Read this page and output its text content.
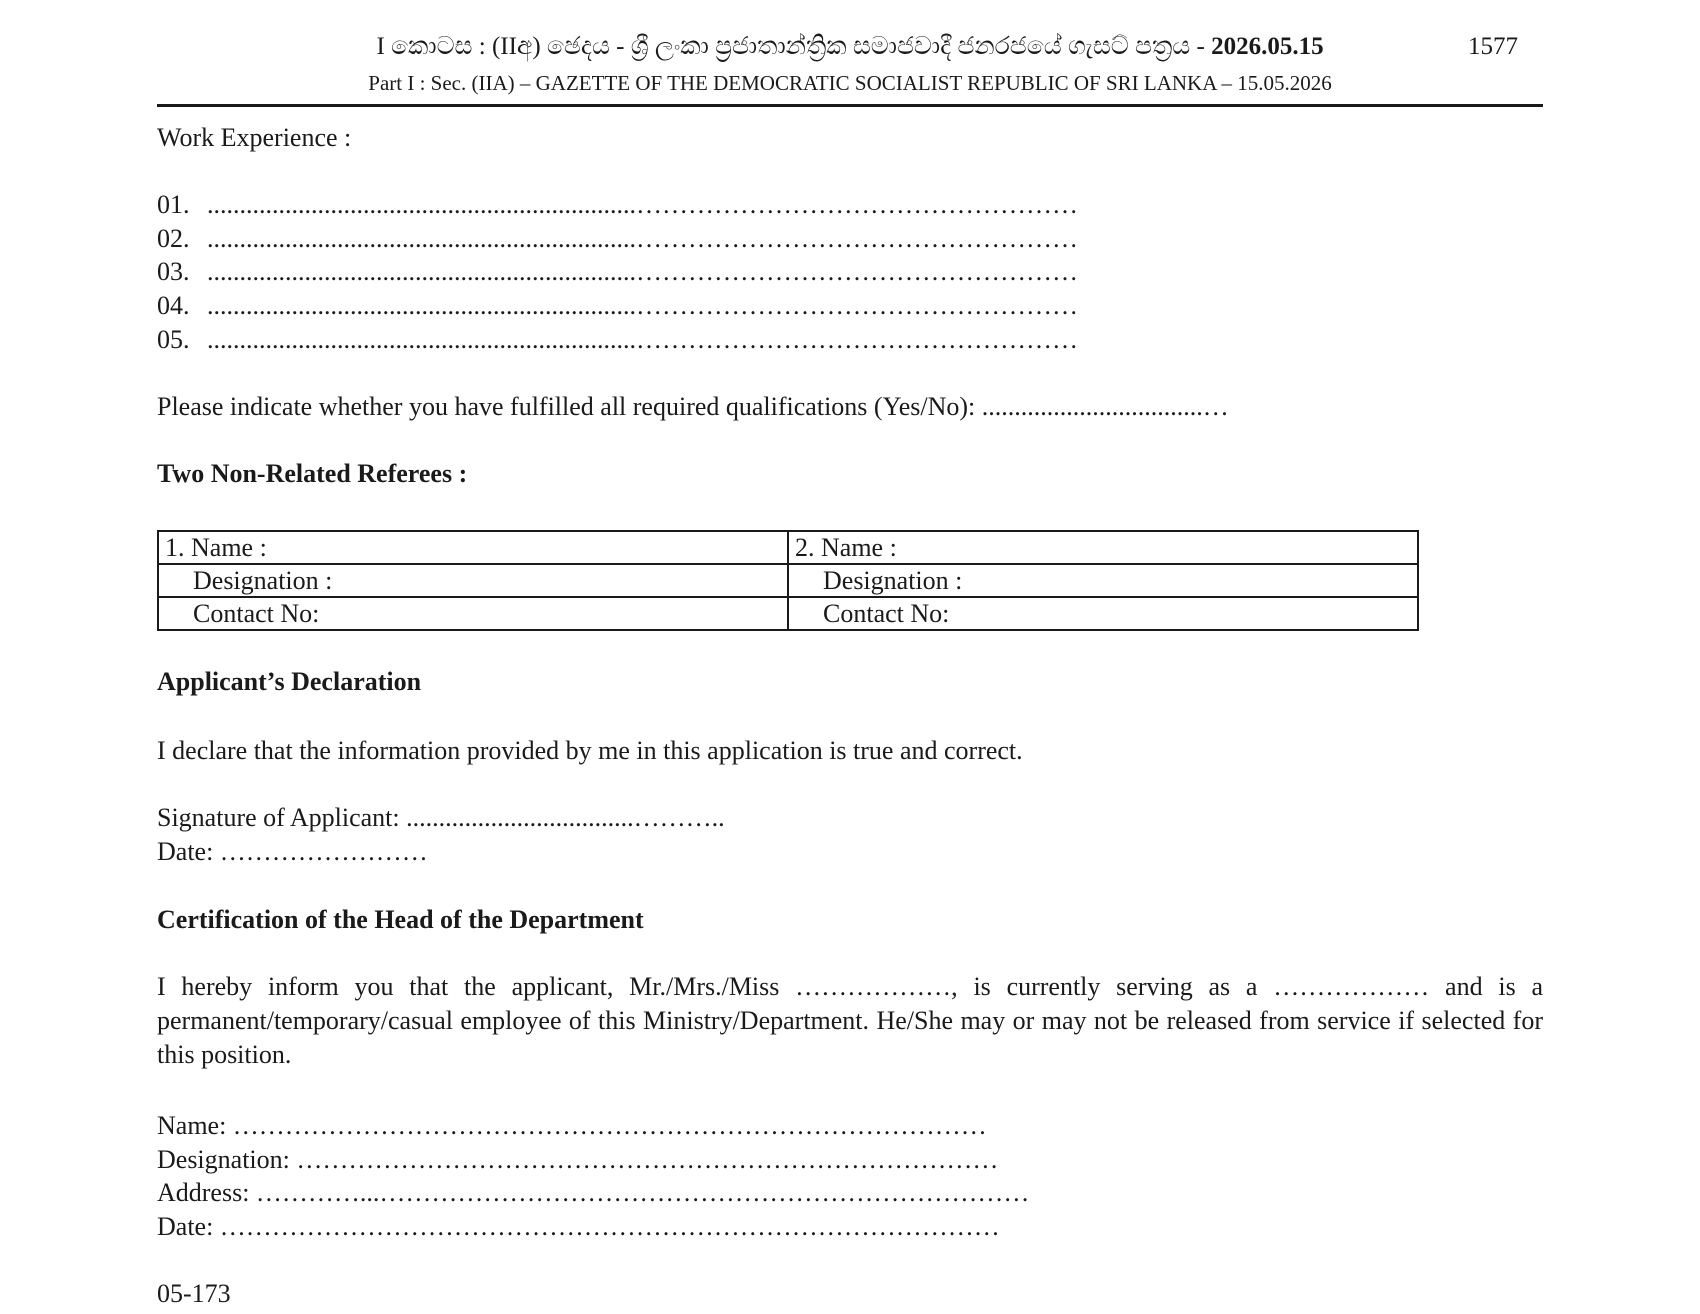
I කොටස : (IIඅ) ඡෙදය - ශ්‍රී ලංකා ප්‍රජාතාන්ත්‍රික සමාජවාදී ජනරජයේ ගැසට් පත්‍රය - 2026.05.15	1577
Part I : Sec. (IIA) – GAZETTE OF THE DEMOCRATIC SOCIALIST REPUBLIC OF SRI LANKA – 15.05.2026
Work Experience :
01. ..................................................................……………………………………………
02. ..................................................................……………………………………………
03. ..................................................................……………………………………………
04. ..................................................................……………………………………………
05. ..................................................................……………………………………………
Please indicate whether you have fulfilled all required qualifications (Yes/No): ..................................…
Two Non-Related Referees :
1. Name :	2. Name :
Designation :	Designation :
Contact No:	Contact No:
Applicant’s Declaration
I declare that the information provided by me in this application is true and correct.
Signature of Applicant: ...................................………..
Date: ……………………
Certification of the Head of the Department
I hereby inform you that the applicant, Mr./Mrs./Miss ………………, is currently serving as a ……………… and is a permanent/temporary/casual employee of this Ministry/Department. He/She may or may not be released from service if selected for this position.
Name: ……………………………………………………………………………
Designation: ………………………………………………………………………
Address: …………...…………………………………………………………………
Date: ………………………………………………………………………………
05-173
